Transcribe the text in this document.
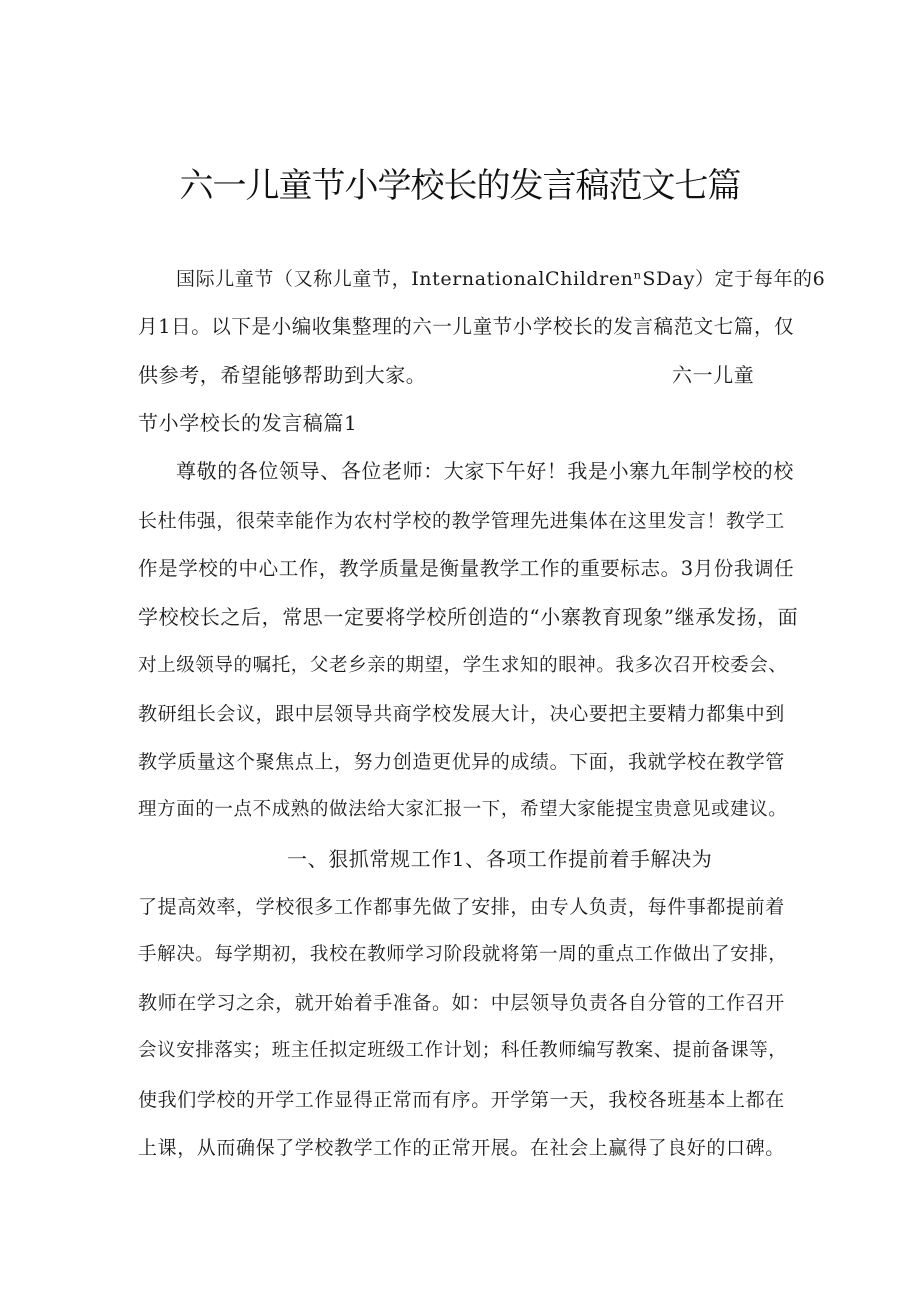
六一儿童节小学校长的发言稿范文七篇
国际儿童节（又称儿童节，InternationalChildrenⁿSDay）定于每年的6
月1日。以下是小编收集整理的六一儿童节小学校长的发言稿范文七篇，仅
供参考，希望能够帮助到大家。	六一儿童
节小学校长的发言稿篇1
尊敬的各位领导、各位老师：大家下午好！我是小寨九年制学校的校
长杜伟强，很荣幸能作为农村学校的教学管理先进集体在这里发言！教学工
作是学校的中心工作，教学质量是衡量教学工作的重要标志。3月份我调任
学校校长之后，常思一定要将学校所创造的“小寨教育现象”继承发扬，面
对上级领导的嘱托，父老乡亲的期望，学生求知的眼神。我多次召开校委会、
教研组长会议，跟中层领导共商学校发展大计，决心要把主要精力都集中到
教学质量这个聚焦点上，努力创造更优异的成绩。下面，我就学校在教学管
理方面的一点不成熟的做法给大家汇报一下，希望大家能提宝贵意见或建议。
一、狠抓常规工作1、各项工作提前着手解决为
了提高效率，学校很多工作都事先做了安排，由专人负责，每件事都提前着
手解决。每学期初，我校在教师学习阶段就将第一周的重点工作做出了安排，
教师在学习之余，就开始着手准备。如：中层领导负责各自分管的工作召开
会议安排落实；班主任拟定班级工作计划；科任教师编写教案、提前备课等，
使我们学校的开学工作显得正常而有序。开学第一天，我校各班基本上都在
上课，从而确保了学校教学工作的正常开展。在社会上赢得了良好的口碑。
